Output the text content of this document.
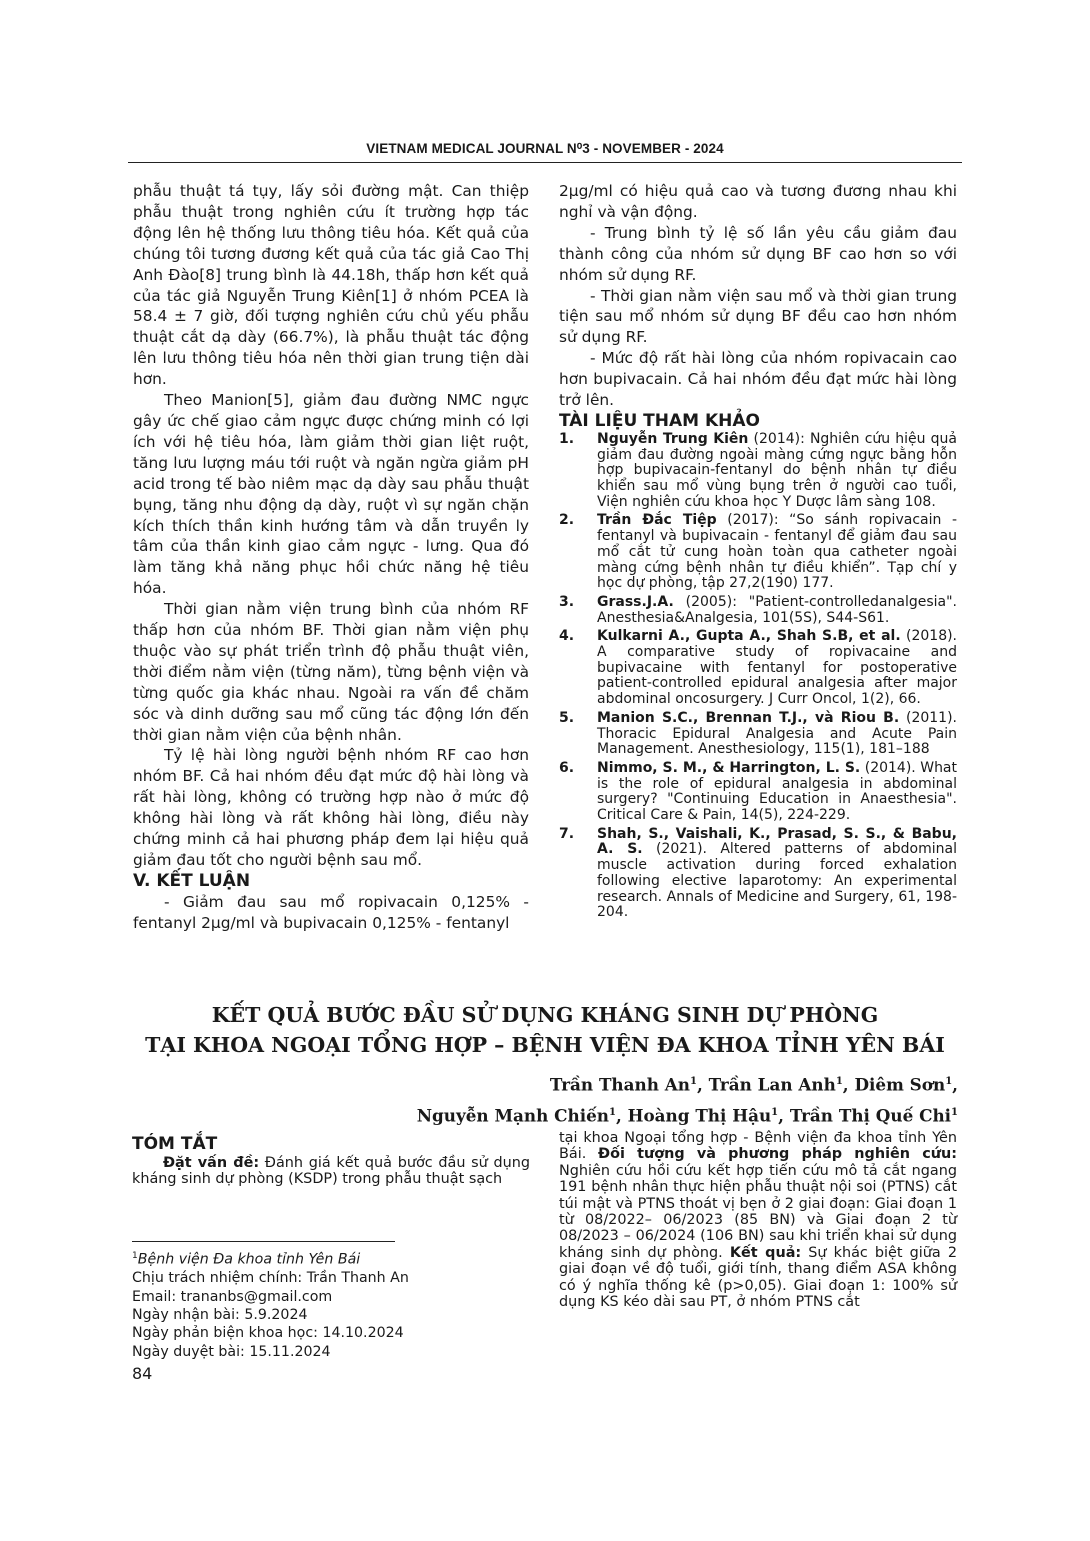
VIETNAM MEDICAL JOURNAL N⁰3 - NOVEMBER - 2024

phẫu thuật tá tụy, lấy sỏi đường mật. Can thiệp phẫu thuật trong nghiên cứu ít trường hợp tác động lên hệ thống lưu thông tiêu hóa. Kết quả của chúng tôi tương đương kết quả của tác giả Cao Thị Anh Đào[8] trung bình là 44.18h, thấp hơn kết quả của tác giả Nguyễn Trung Kiên[1] ở nhóm PCEA là 58.4 ± 7 giờ, đối tượng nghiên cứu chủ yếu phẫu thuật cắt dạ dày (66.7%), là phẫu thuật tác động lên lưu thông tiêu hóa nên thời gian trung tiện dài hơn.

Theo Manion[5], giảm đau đường NMC ngực gây ức chế giao cảm ngực được chứng minh có lợi ích với hệ tiêu hóa, làm giảm thời gian liệt ruột, tăng lưu lượng máu tới ruột và ngăn ngừa giảm pH acid trong tế bào niêm mạc dạ dày sau phẫu thuật bụng, tăng nhu động dạ dày, ruột vì sự ngăn chặn kích thích thần kinh hướng tâm và dẫn truyền ly tâm của thần kinh giao cảm ngực - lưng. Qua đó làm tăng khả năng phục hồi chức năng hệ tiêu hóa.

Thời gian nằm viện trung bình của nhóm RF thấp hơn của nhóm BF. Thời gian nằm viện phụ thuộc vào sự phát triển trình độ phẫu thuật viên, thời điểm nằm viện (từng năm), từng bệnh viện và từng quốc gia khác nhau. Ngoài ra vấn đề chăm sóc và dinh dưỡng sau mổ cũng tác động lớn đến thời gian nằm viện của bệnh nhân.

Tỷ lệ hài lòng người bệnh nhóm RF cao hơn nhóm BF. Cả hai nhóm đều đạt mức độ hài lòng và rất hài lòng, không có trường hợp nào ở mức độ không hài lòng và rất không hài lòng, điều này chứng minh cả hai phương pháp đem lại hiệu quả giảm đau tốt cho người bệnh sau mổ.

V. KẾT LUẬN

- Giảm đau sau mổ ropivacain 0,125% - fentanyl 2µg/ml và bupivacain 0,125% - fentanyl

2µg/ml có hiệu quả cao và tương đương nhau khi nghỉ và vận động.

- Trung bình tỷ lệ số lần yêu cầu giảm đau thành công của nhóm sử dụng BF cao hơn so với nhóm sử dụng RF.

- Thời gian nằm viện sau mổ và thời gian trung tiện sau mổ nhóm sử dụng BF đều cao hơn nhóm sử dụng RF.

- Mức độ rất hài lòng của nhóm ropivacain cao hơn bupivacain. Cả hai nhóm đều đạt mức hài lòng trở lên.

TÀI LIỆU THAM KHẢO

1. Nguyễn Trung Kiên (2014): Nghiên cứu hiệu quả giảm đau đường ngoài màng cứng ngực bằng hỗn hợp bupivacain-fentanyl do bệnh nhân tự điều khiển sau mổ vùng bụng trên ở người cao tuổi, Viện nghiên cứu khoa học Y Dược lâm sàng 108.
2. Trần Đắc Tiệp (2017): “So sánh ropivacain - fentanyl và bupivacain - fentanyl để giảm đau sau mổ cắt tử cung hoàn toàn qua catheter ngoài màng cứng bệnh nhân tự điều khiển”. Tạp chí y học dự phòng, tập 27,2(190) 177.
3. Grass.J.A. (2005): "Patient-controlledanalgesia". Anesthesia&Analgesia, 101(5S), S44-S61.
4. Kulkarni A., Gupta A., Shah S.B, et al. (2018). A comparative study of ropivacaine and bupivacaine with fentanyl for postoperative patient-controlled epidural analgesia after major abdominal oncosurgery. J Curr Oncol, 1(2), 66.
5. Manion S.C., Brennan T.J., và Riou B. (2011). Thoracic Epidural Analgesia and Acute Pain Management. Anesthesiology, 115(1), 181–188
6. Nimmo, S. M., & Harrington, L. S. (2014). What is the role of epidural analgesia in abdominal surgery? "Continuing Education in Anaesthesia". Critical Care & Pain, 14(5), 224-229.
7. Shah, S., Vaishali, K., Prasad, S. S., & Babu, A. S. (2021). Altered patterns of abdominal muscle activation during forced exhalation following elective laparotomy: An experimental research. Annals of Medicine and Surgery, 61, 198-204.
KẾT QUẢ BƯỚC ĐẦU SỬ DỤNG KHÁNG SINH DỰ PHÒNG
TẠI KHOA NGOẠI TỔNG HỢP – BỆNH VIỆN ĐA KHOA TỈNH YÊN BÁI
Trần Thanh An$^1$, Trần Lan Anh$^1$, Diêm Sơn$^1$,
Nguyễn Mạnh Chiến$^1$, Hoàng Thị Hậu$^1$, Trần Thị Quế Chi$^1$

TÓM TẮT

Đặt vấn đề: Đánh giá kết quả bước đầu sử dụng kháng sinh dự phòng (KSDP) trong phẫu thuật sạch

tại khoa Ngoại tổng hợp - Bệnh viện đa khoa tỉnh Yên Bái. Đối tượng và phương pháp nghiên cứu: Nghiên cứu hồi cứu kết hợp tiến cứu mô tả cắt ngang 191 bệnh nhân thực hiện phẫu thuật nội soi (PTNS) cắt túi mật và PTNS thoát vị bẹn ở 2 giai đoạn: Giai đoạn 1 từ 08/2022– 06/2023 (85 BN) và Giai đoạn 2 từ 08/2023 – 06/2024 (106 BN) sau khi triển khai sử dụng kháng sinh dự phòng. Kết quả: Sự khác biệt giữa 2 giai đoạn về độ tuổi, giới tính, thang điểm ASA không có ý nghĩa thống kê (p>0,05). Giai đoạn 1: 100% sử dụng KS kéo dài sau PT, ở nhóm PTNS cắt

$^1$Bệnh viện Đa khoa tỉnh Yên Bái
Chịu trách nhiệm chính: Trần Thanh An
Email: trananbs@gmail.com
Ngày nhận bài: 5.9.2024
Ngày phản biện khoa học: 14.10.2024
Ngày duyệt bài: 15.11.2024
84
